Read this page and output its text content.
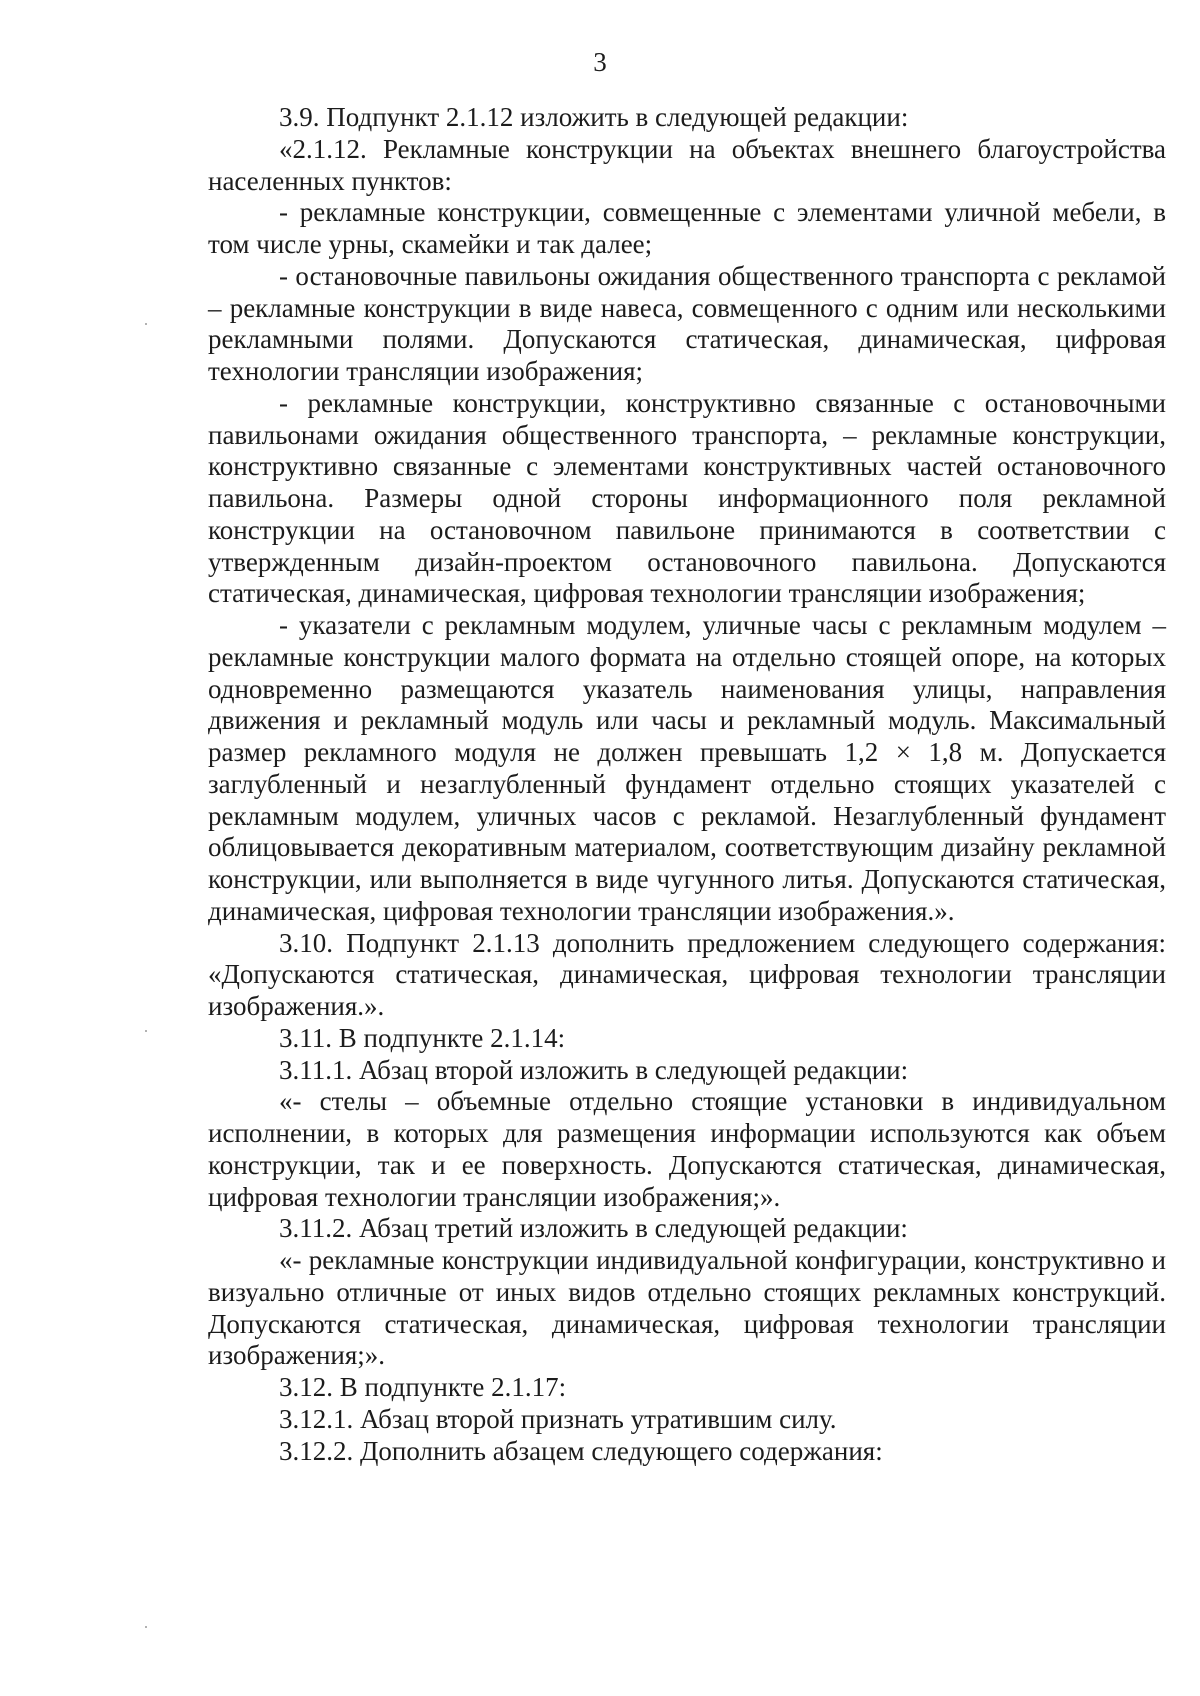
3

3.9. Подпункт 2.1.12 изложить в следующей редакции:

«2.1.12. Рекламные конструкции на объектах внешнего благоустройства населенных пунктов:

- рекламные конструкции, совмещенные с элементами уличной мебели, в том числе урны, скамейки и так далее;

- остановочные павильоны ожидания общественного транспорта с рекламой – рекламные конструкции в виде навеса, совмещенного с одним или несколькими рекламными полями. Допускаются статическая, динамическая, цифровая технологии трансляции изображения;

- рекламные конструкции, конструктивно связанные с остановочными павильонами ожидания общественного транспорта, – рекламные конструкции, конструктивно связанные с элементами конструктивных частей остановочного павильона. Размеры одной стороны информационного поля рекламной конструкции на остановочном павильоне принимаются в соответствии с утвержденным дизайн-проектом остановочного павильона. Допускаются статическая, динамическая, цифровая технологии трансляции изображения;

- указатели с рекламным модулем, уличные часы с рекламным модулем – рекламные конструкции малого формата на отдельно стоящей опоре, на которых одновременно размещаются указатель наименования улицы, направления движения и рекламный модуль или часы и рекламный модуль. Максимальный размер рекламного модуля не должен превышать 1,2 × 1,8 м. Допускается заглубленный и незаглубленный фундамент отдельно стоящих указателей с рекламным модулем, уличных часов с рекламой. Незаглубленный фундамент облицовывается декоративным материалом, соответствующим дизайну рекламной конструкции, или выполняется в виде чугунного литья. Допускаются статическая, динамическая, цифровая технологии трансляции изображения.».

3.10. Подпункт 2.1.13 дополнить предложением следующего содержания: «Допускаются статическая, динамическая, цифровая технологии трансляции изображения.».

3.11. В подпункте 2.1.14:

3.11.1. Абзац второй изложить в следующей редакции:

«- стелы – объемные отдельно стоящие установки в индивидуальном исполнении, в которых для размещения информации используются как объем конструкции, так и ее поверхность. Допускаются статическая, динамическая, цифровая технологии трансляции изображения;».

3.11.2. Абзац третий изложить в следующей редакции:

«- рекламные конструкции индивидуальной конфигурации, конструктивно и визуально отличные от иных видов отдельно стоящих рекламных конструкций. Допускаются статическая, динамическая, цифровая технологии трансляции изображения;».

3.12. В подпункте 2.1.17:

3.12.1. Абзац второй признать утратившим силу.

3.12.2. Дополнить абзацем следующего содержания:
